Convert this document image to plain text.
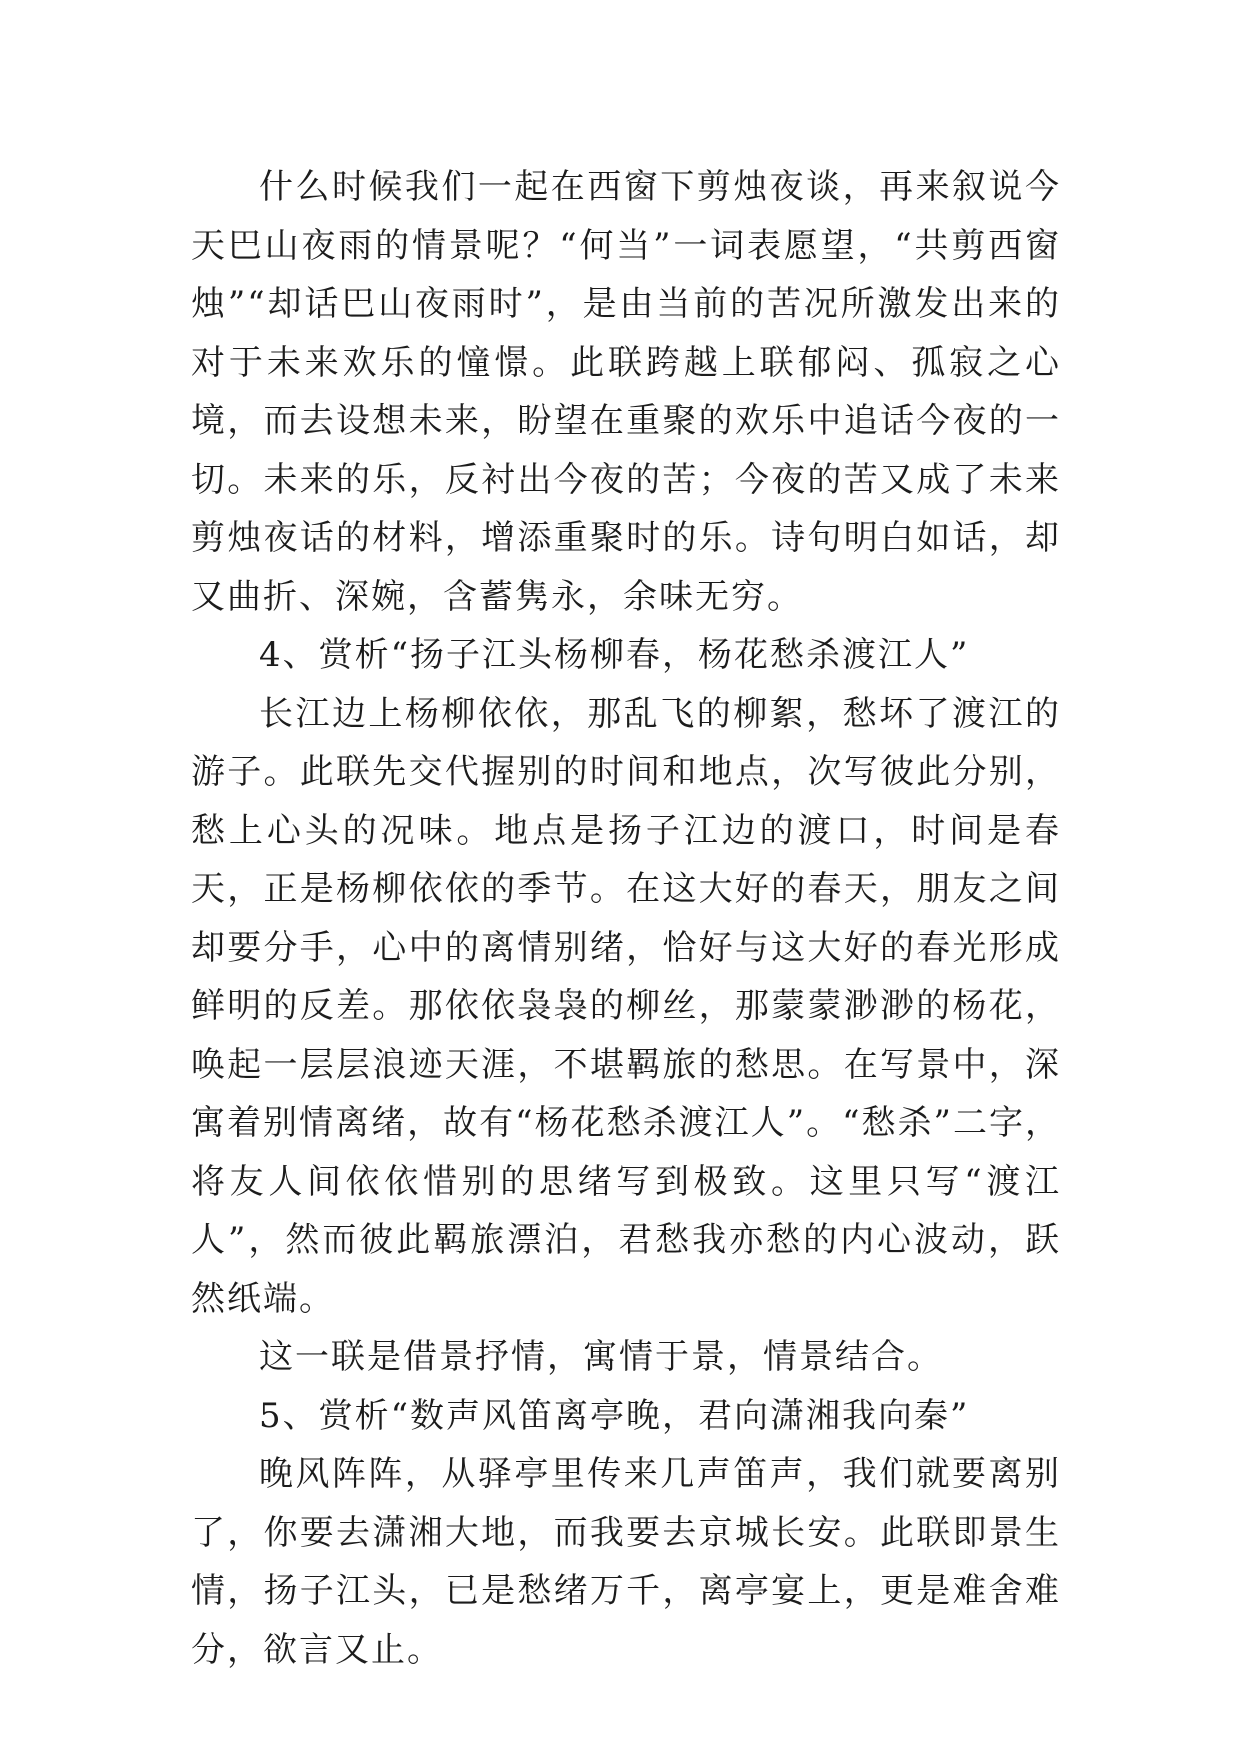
什么时候我们一起在西窗下剪烛夜谈，再来叙说今天巴山夜雨的情景呢？“何当”一词表愿望，“共剪西窗烛”“却话巴山夜雨时”，是由当前的苦况所激发出来的对于未来欢乐的憧憬。此联跨越上联郁闷、孤寂之心境，而去设想未来，盼望在重聚的欢乐中追话今夜的一切。未来的乐，反衬出今夜的苦；今夜的苦又成了未来剪烛夜话的材料，增添重聚时的乐。诗句明白如话，却又曲折、深婉，含蓄隽永，余味无穷。

4、赏析“扬子江头杨柳春，杨花愁杀渡江人”

长江边上杨柳依依，那乱飞的柳絮，愁坏了渡江的游子。此联先交代握别的时间和地点，次写彼此分别，愁上心头的况味。地点是扬子江边的渡口，时间是春天，正是杨柳依依的季节。在这大好的春天，朋友之间却要分手，心中的离情别绪，恰好与这大好的春光形成鲜明的反差。那依依袅袅的柳丝，那蒙蒙渺渺的杨花，唤起一层层浪迹天涯，不堪羁旅的愁思。在写景中，深寓着别情离绪，故有“杨花愁杀渡江人”。“愁杀”二字，将友人间依依惜别的思绪写到极致。这里只写“渡江人”，然而彼此羁旅漂泊，君愁我亦愁的内心波动，跃然纸端。

这一联是借景抒情，寓情于景，情景结合。

5、赏析“数声风笛离亭晚，君向潇湘我向秦”

晚风阵阵，从驿亭里传来几声笛声，我们就要离别了，你要去潇湘大地，而我要去京城长安。此联即景生情，扬子江头，已是愁绪万千，离亭宴上，更是难舍难分，欲言又止。
